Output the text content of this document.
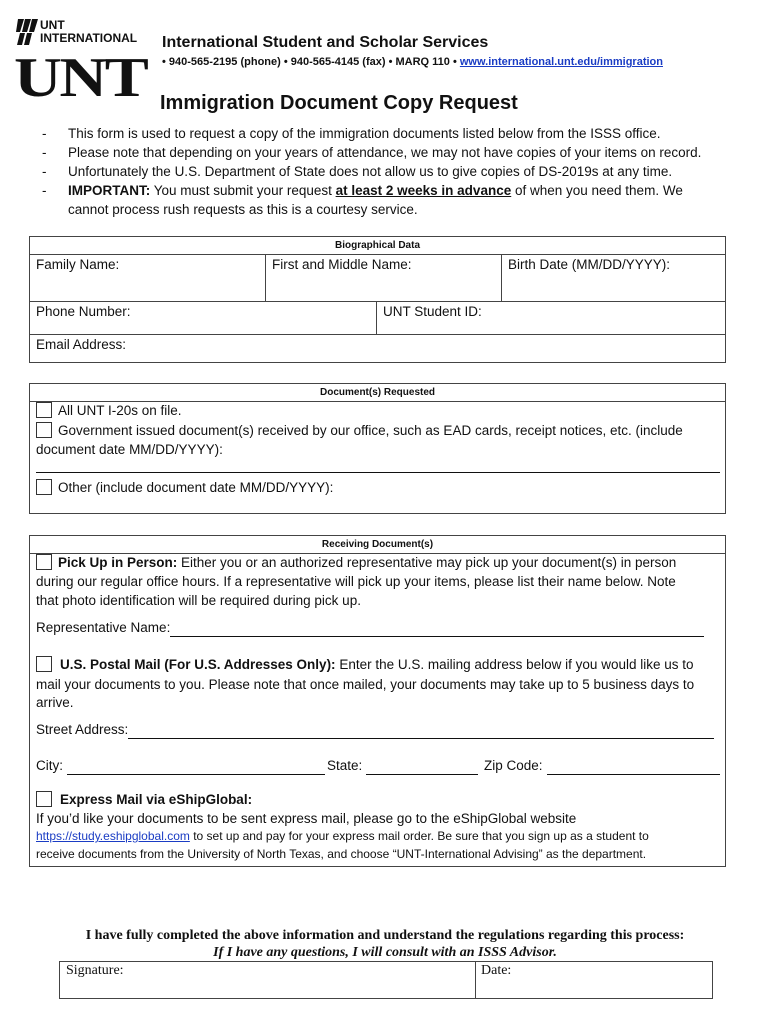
UNT
INTERNATIONAL
UNT
International Student and Scholar Services
• 940-565-2195 (phone) • 940-565-4145 (fax) • MARQ 110 • www.international.unt.edu/immigration
Immigration Document Copy Request
-	This form is used to request a copy of the immigration documents listed below from the ISSS office.
-	Please note that depending on your years of attendance, we may not have copies of your items on record.
-	Unfortunately the U.S. Department of State does not allow us to give copies of DS-2019s at any time.
-	IMPORTANT: You must submit your request at least 2 weeks in advance of when you need them. We
cannot process rush requests as this is a courtesy service.
Biographical Data
Family Name:	First and Middle Name:	Birth Date (MM/DD/YYYY):
Phone Number:	UNT Student ID:
Email Address:
Document(s) Requested
All UNT I-20s on file.
Government issued document(s) received by our office, such as EAD cards, receipt notices, etc. (include
document date MM/DD/YYYY):
Other (include document date MM/DD/YYYY):
Receiving Document(s)
Pick Up in Person: Either you or an authorized representative may pick up your document(s) in person
during our regular office hours. If a representative will pick up your items, please list their name below. Note
that photo identification will be required during pick up.
Representative Name:
U.S. Postal Mail (For U.S. Addresses Only): Enter the U.S. mailing address below if you would like us to
mail your documents to you. Please note that once mailed, your documents may take up to 5 business days to
arrive.
Street Address:
City:	State:	Zip Code:
Express Mail via eShipGlobal:
If you’d like your documents to be sent express mail, please go to the eShipGlobal website
https://study.eshipglobal.com to set up and pay for your express mail order. Be sure that you sign up as a student to
receive documents from the University of North Texas, and choose “UNT-International Advising” as the department.
I have fully completed the above information and understand the regulations regarding this process:
If I have any questions, I will consult with an ISSS Advisor.
Signature:	Date:
